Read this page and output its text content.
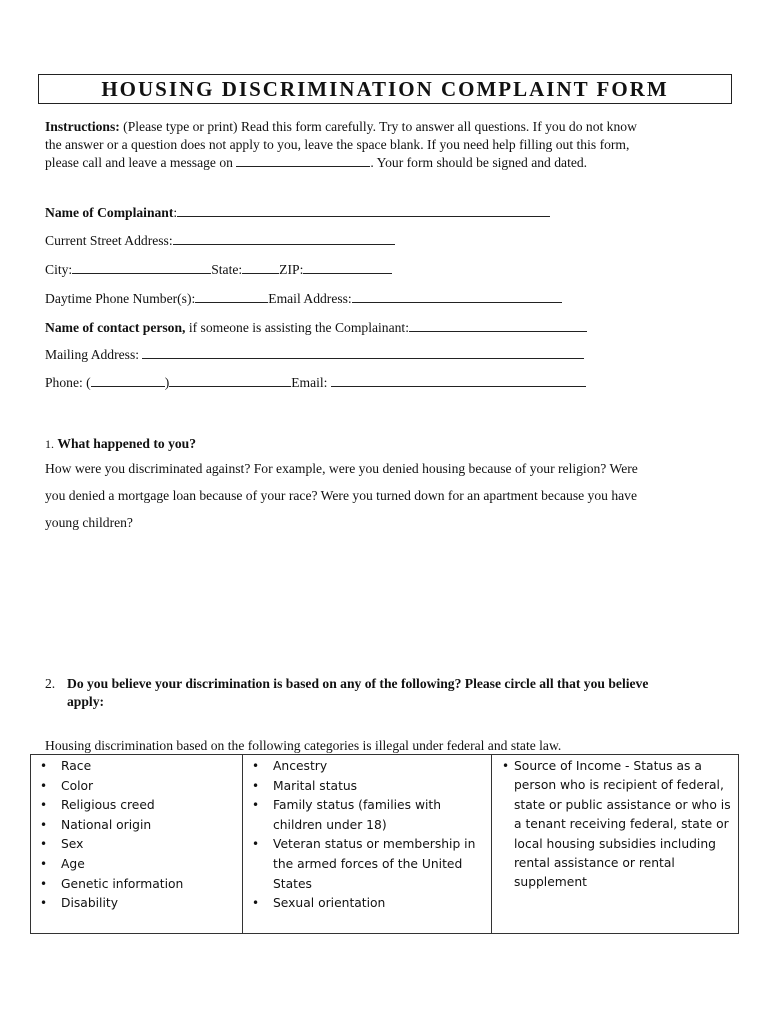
HOUSING DISCRIMINATION COMPLAINT FORM
Instructions: (Please type or print) Read this form carefully. Try to answer all questions. If you do not know
the answer or a question does not apply to you, leave the space blank. If you need help filling out this form,
please call and leave a message on	. Your form should be signed and dated.
Name of Complainant:
Current Street Address:
City:	State:	ZIP:
Daytime Phone Number(s):	Email Address:
Name of contact person, if someone is assisting the Complainant:
Mailing Address:
Phone: (	)	Email:
1. What happened to you?
How were you discriminated against? For example, were you denied housing because of your religion? Were
you denied a mortgage loan because of your race? Were you turned down for an apartment because you have
young children?
2. Do you believe your discrimination is based on any of the following? Please circle all that you believe
apply:
Housing discrimination based on the following categories is illegal under federal and state law.
• Race
• Color
• Religious creed
• National origin
• Sex
• Age
• Genetic information
• Disability

• Ancestry
• Marital status
• Family status (families with children under 18)
• Veteran status or membership in the armed forces of the United States
• Sexual orientation

• Source of Income - Status as a person who is recipient of federal, state or public assistance or who is a tenant receiving federal, state or local housing subsidies including rental assistance or rental supplement
